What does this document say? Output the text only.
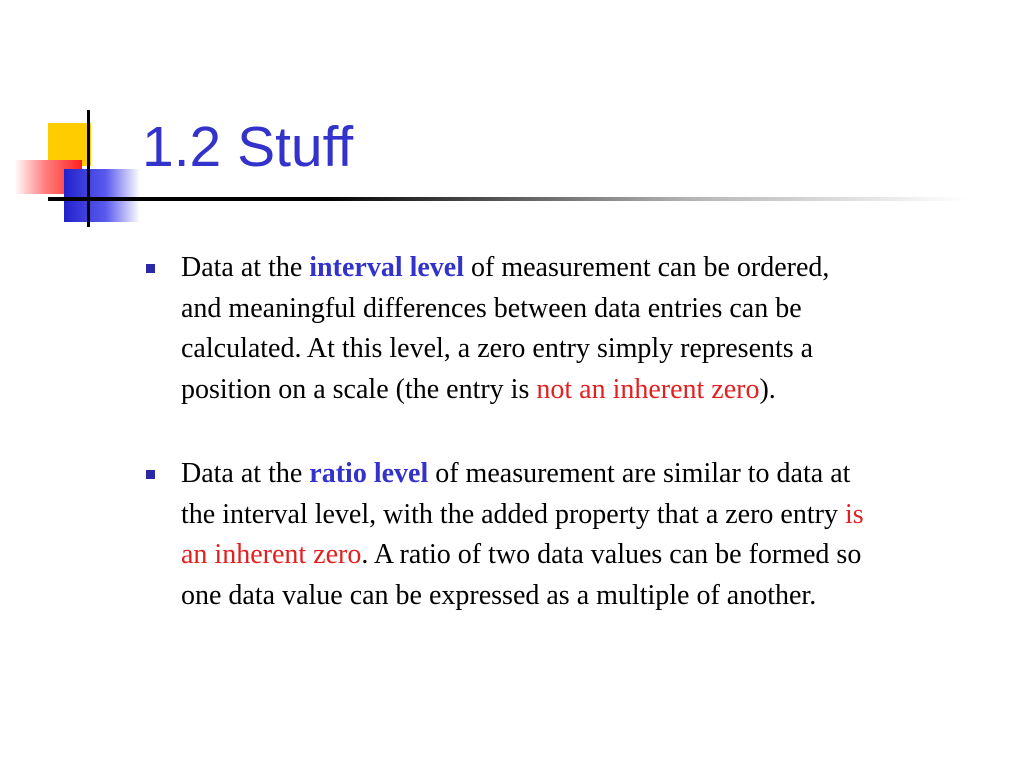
1.2 Stuff
Data at the interval level of measurement can be ordered, and meaningful differences between data entries can be calculated. At this level, a zero entry simply represents a position on a scale (the entry is not an inherent zero).
Data at the ratio level of measurement are similar to data at the interval level, with the added property that a zero entry is an inherent zero. A ratio of two data values can be formed so one data value can be expressed as a multiple of another.
